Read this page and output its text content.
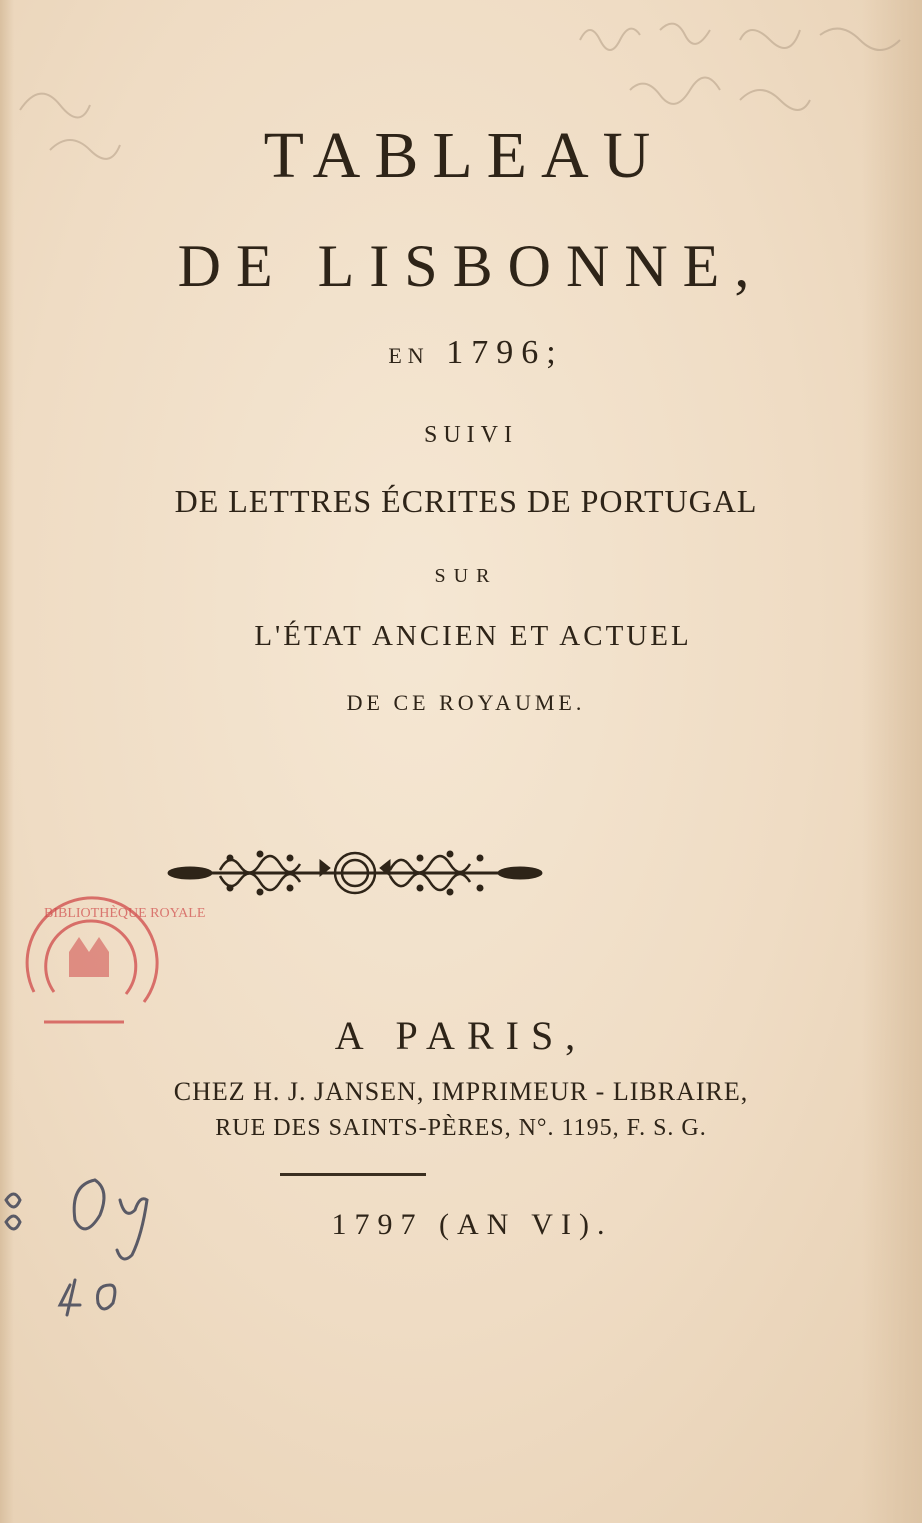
TABLEAU
DE LISBONNE,
EN 1796;
SUIVI
DE LETTRES ÉCRITES DE PORTUGAL
SUR
L'ÉTAT ANCIEN ET ACTUEL
DE CE ROYAUME.
BIBLIOTHÈQUE ROYALE
A PARIS,
CHEZ H. J. JANSEN, IMPRIMEUR - LIBRAIRE,
RUE DES SAINTS-PÈRES, N°. 1195, F. S. G.
1797 (AN VI).
